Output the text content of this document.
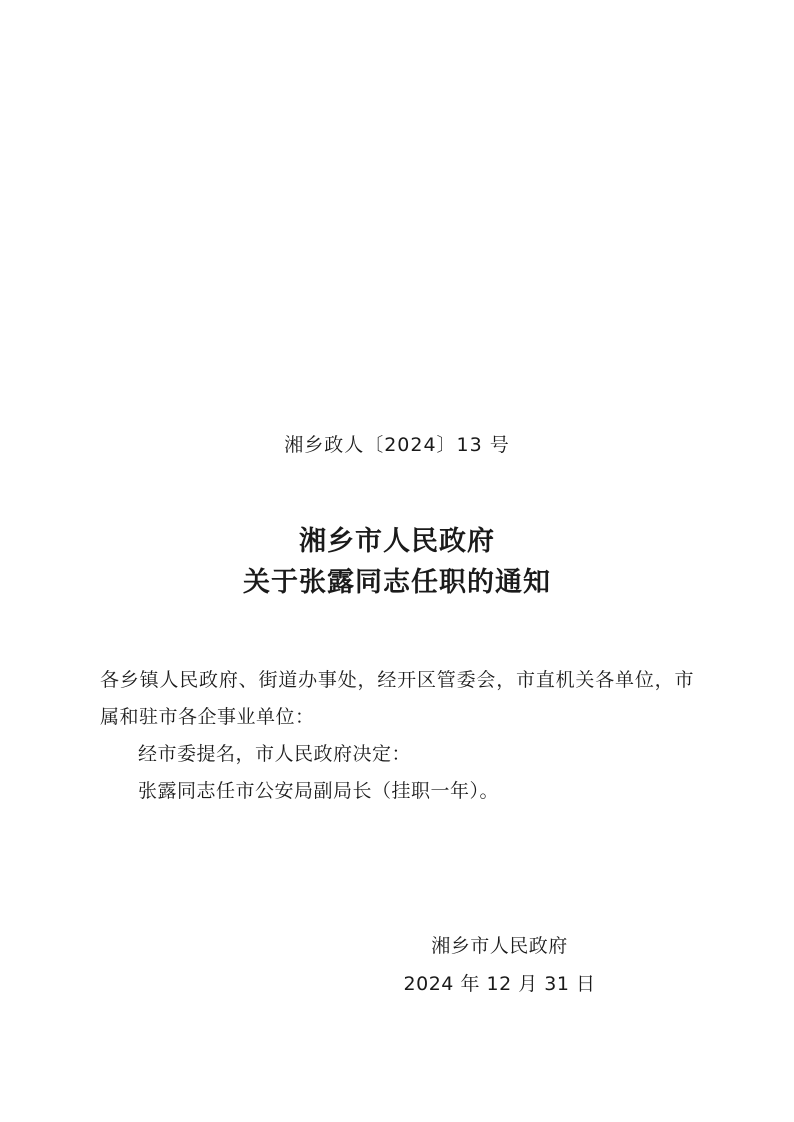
湘乡政人〔2024〕13 号
湘乡市人民政府
关于张露同志任职的通知

各乡镇人民政府、街道办事处，经开区管委会，市直机关各单位，市属和驻市各企事业单位：

经市委提名，市人民政府决定：

张露同志任市公安局副局长（挂职一年）。

湘乡市人民政府
2024 年 12 月 31 日
